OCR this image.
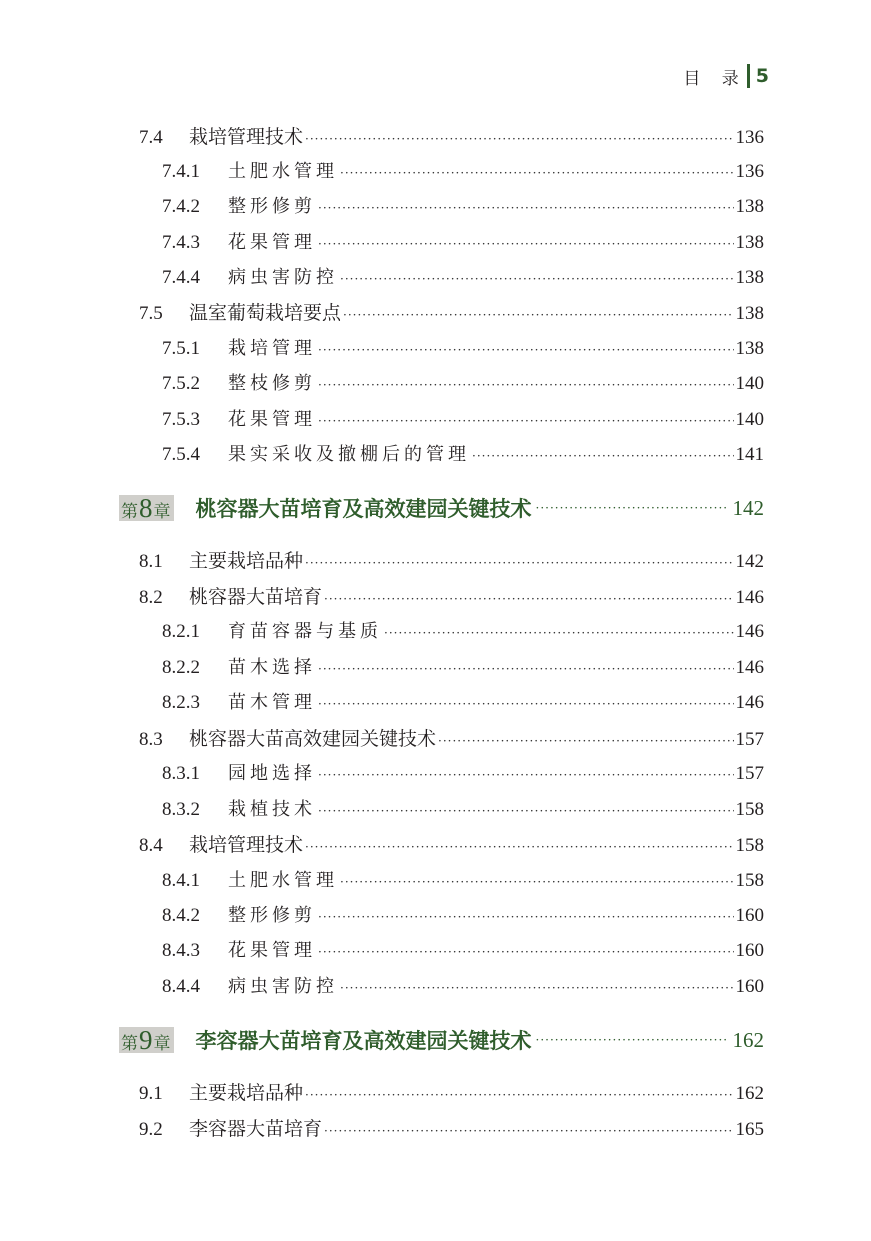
目 录 5
7.4	栽培管理技术 ·····	136
7.4.1	土肥水管理 ·····	136
7.4.2	整形修剪 ·····	138
7.4.3	花果管理 ·····	138
7.4.4	病虫害防控 ·····	138
7.5	温室葡萄栽培要点 ·····	138
7.5.1	栽培管理 ·····	138
7.5.2	整枝修剪 ·····	140
7.5.3	花果管理 ·····	140
7.5.4	果实采收及撤棚后的管理 ·····	141
第 8 章 桃容器大苗培育及高效建园关键技术 ·····	142
8.1	主要栽培品种 ·····	142
8.2	桃容器大苗培育 ·····	146
8.2.1	育苗容器与基质 ·····	146
8.2.2	苗木选择 ·····	146
8.2.3	苗木管理 ·····	146
8.3	桃容器大苗高效建园关键技术 ·····	157
8.3.1	园地选择 ·····	157
8.3.2	栽植技术 ·····	158
8.4	栽培管理技术 ·····	158
8.4.1	土肥水管理 ·····	158
8.4.2	整形修剪 ·····	160
8.4.3	花果管理 ·····	160
8.4.4	病虫害防控 ·····	160
第 9 章 李容器大苗培育及高效建园关键技术 ·····	162
9.1	主要栽培品种 ·····	162
9.2	李容器大苗培育 ·····	165
